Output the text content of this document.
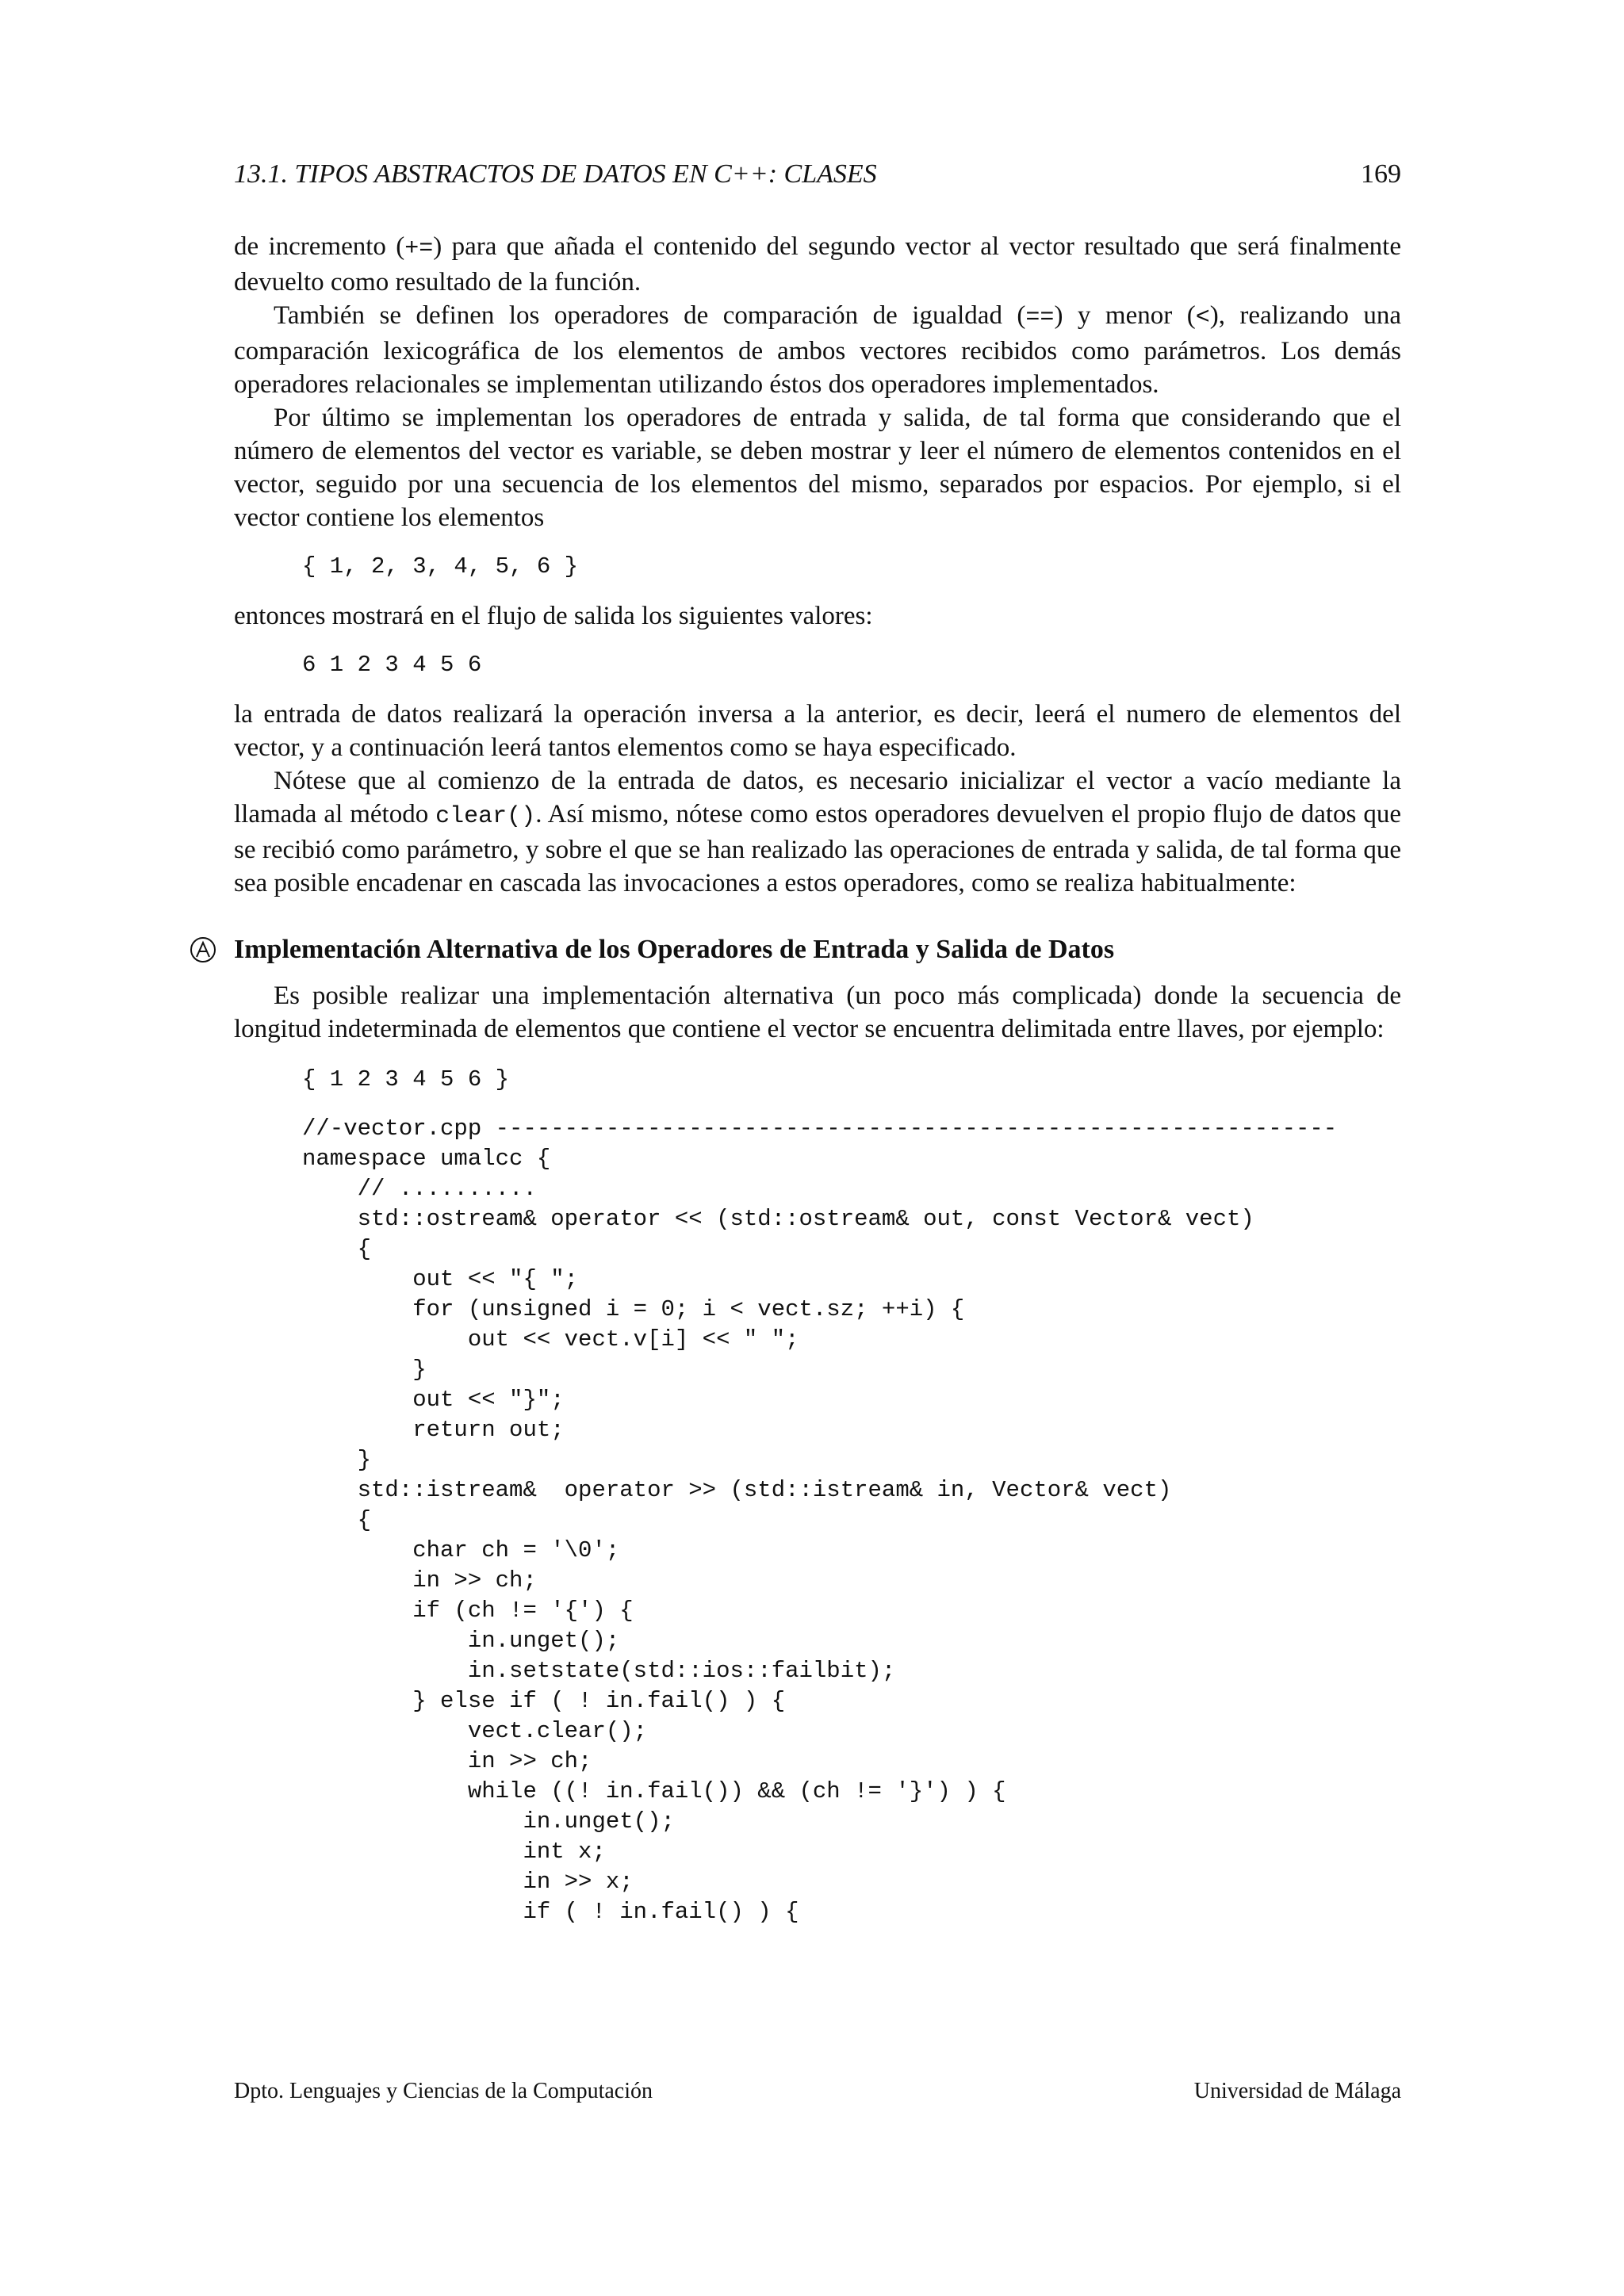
13.1. TIPOS ABSTRACTOS DE DATOS EN C++: CLASES	169

de incremento (+=) para que añada el contenido del segundo vector al vector resultado que será finalmente devuelto como resultado de la función.

También se definen los operadores de comparación de igualdad (==) y menor (<), realizando una comparación lexicográfica de los elementos de ambos vectores recibidos como parámetros. Los demás operadores relacionales se implementan utilizando éstos dos operadores implementados.

Por último se implementan los operadores de entrada y salida, de tal forma que considerando que el número de elementos del vector es variable, se deben mostrar y leer el número de elementos contenidos en el vector, seguido por una secuencia de los elementos del mismo, separados por espacios. Por ejemplo, si el vector contiene los elementos

{ 1, 2, 3, 4, 5, 6 }

entonces mostrará en el flujo de salida los siguientes valores:

6 1 2 3 4 5 6

la entrada de datos realizará la operación inversa a la anterior, es decir, leerá el numero de elementos del vector, y a continuación leerá tantos elementos como se haya especificado.

Nótese que al comienzo de la entrada de datos, es necesario inicializar el vector a vacío mediante la llamada al método clear(). Así mismo, nótese como estos operadores devuelven el propio flujo de datos que se recibió como parámetro, y sobre el que se han realizado las operaciones de entrada y salida, de tal forma que sea posible encadenar en cascada las invocaciones a estos operadores, como se realiza habitualmente:

Implementación Alternativa de los Operadores de Entrada y Salida de Datos

Es posible realizar una implementación alternativa (un poco más complicada) donde la secuencia de longitud indeterminada de elementos que contiene el vector se encuentra delimitada entre llaves, por ejemplo:

{ 1 2 3 4 5 6 }
//-vector.cpp -------------------------------------------------------------
namespace umalcc {
// ..........
std::ostream& operator << (std::ostream& out, const Vector& vect)
{
out << "{ ";
for (unsigned i = 0; i < vect.sz; ++i) {
out << vect.v[i] << " ";
}
out << "}";
return out;
}
std::istream&  operator >> (std::istream& in, Vector& vect)
{
char ch = '\0';
in >> ch;
if (ch != '{') {
in.unget();
in.setstate(std::ios::failbit);
} else if ( ! in.fail() ) {
vect.clear();
in >> ch;
while ((! in.fail()) && (ch != '}') ) {
in.unget();
int x;
in >> x;
if ( ! in.fail() ) {
Dpto. Lenguajes y Ciencias de la Computación	Universidad de Málaga
